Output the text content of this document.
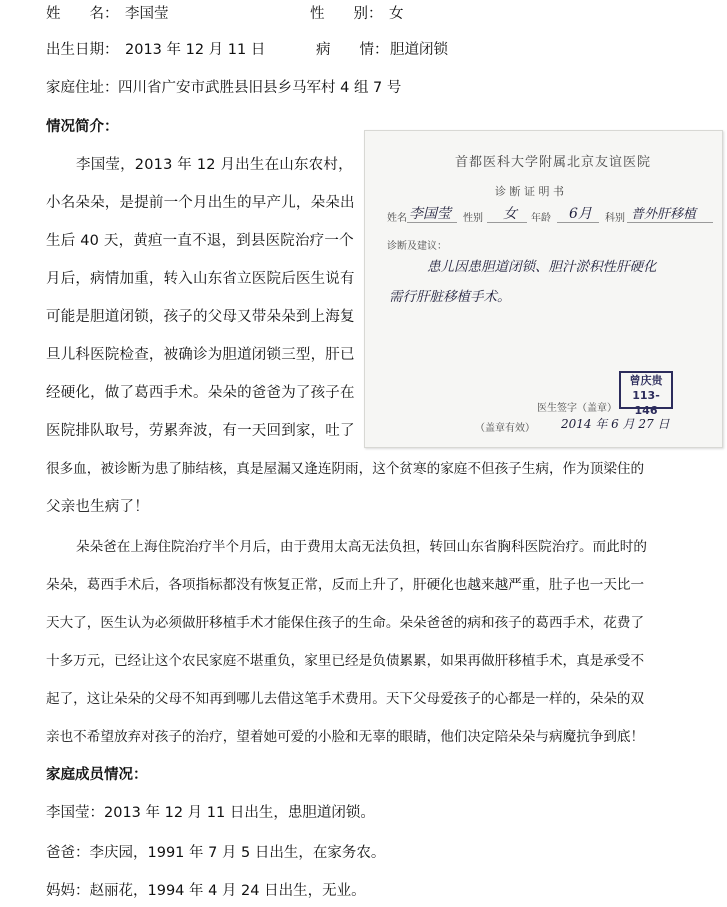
姓　　名： 李国莹	性　　别： 女
出生日期： 2013 年 12 月 11 日	病　　情： 胆道闭锁
家庭住址： 四川省广安市武胜县旧县乡马军村 4 组 7 号
情况简介：
李国莹，2013 年 12 月出生在山东农村，
小名朵朵，是提前一个月出生的早产儿，朵朵出
生后 40 天，黄疸一直不退，到县医院治疗一个
月后，病情加重，转入山东省立医院后医生说有
可能是胆道闭锁，孩子的父母又带朵朵到上海复
旦儿科医院检查，被确诊为胆道闭锁三型，肝已
经硬化，做了葛西手术。朵朵的爸爸为了孩子在
医院排队取号，劳累奔波，有一天回到家，吐了
很多血，被诊断为患了肺结核，真是屋漏又逢连阴雨，这个贫寒的家庭不但孩子生病，作为顶梁住的
父亲也生病了！
朵朵爸在上海住院治疗半个月后，由于费用太高无法负担，转回山东省胸科医院治疗。而此时的
朵朵，葛西手术后，各项指标都没有恢复正常，反而上升了，肝硬化也越来越严重，肚子也一天比一
天大了，医生认为必须做肝移植手术才能保住孩子的生命。朵朵爸爸的病和孩子的葛西手术，花费了
十多万元，已经让这个农民家庭不堪重负，家里已经是负债累累，如果再做肝移植手术，真是承受不
起了，这让朵朵的父母不知再到哪儿去借这笔手术费用。天下父母爱孩子的心都是一样的，朵朵的双
亲也不希望放弃对孩子的治疗，望着她可爱的小脸和无辜的眼睛，他们决定陪朵朵与病魔抗争到底！
家庭成员情况：
李国莹：2013 年 12 月 11 日出生，患胆道闭锁。
爸爸：李庆园，1991 年 7 月 5 日出生，在家务农。
妈妈：赵丽花，1994 年 4 月 24 日出生，无业。
首都医科大学附属北京友谊医院
诊 断 证 明 书
姓名 李国莹 性别 女 年龄 6月 科别 普外肝移植
诊断及建议：
患儿因患胆道闭锁、胆汁淤积性肝硬化
需行肝脏移植手术。
医生签字（盖章）
曾庆贵
113-146
（盖章有效） 2014 年 6 月 27 日
